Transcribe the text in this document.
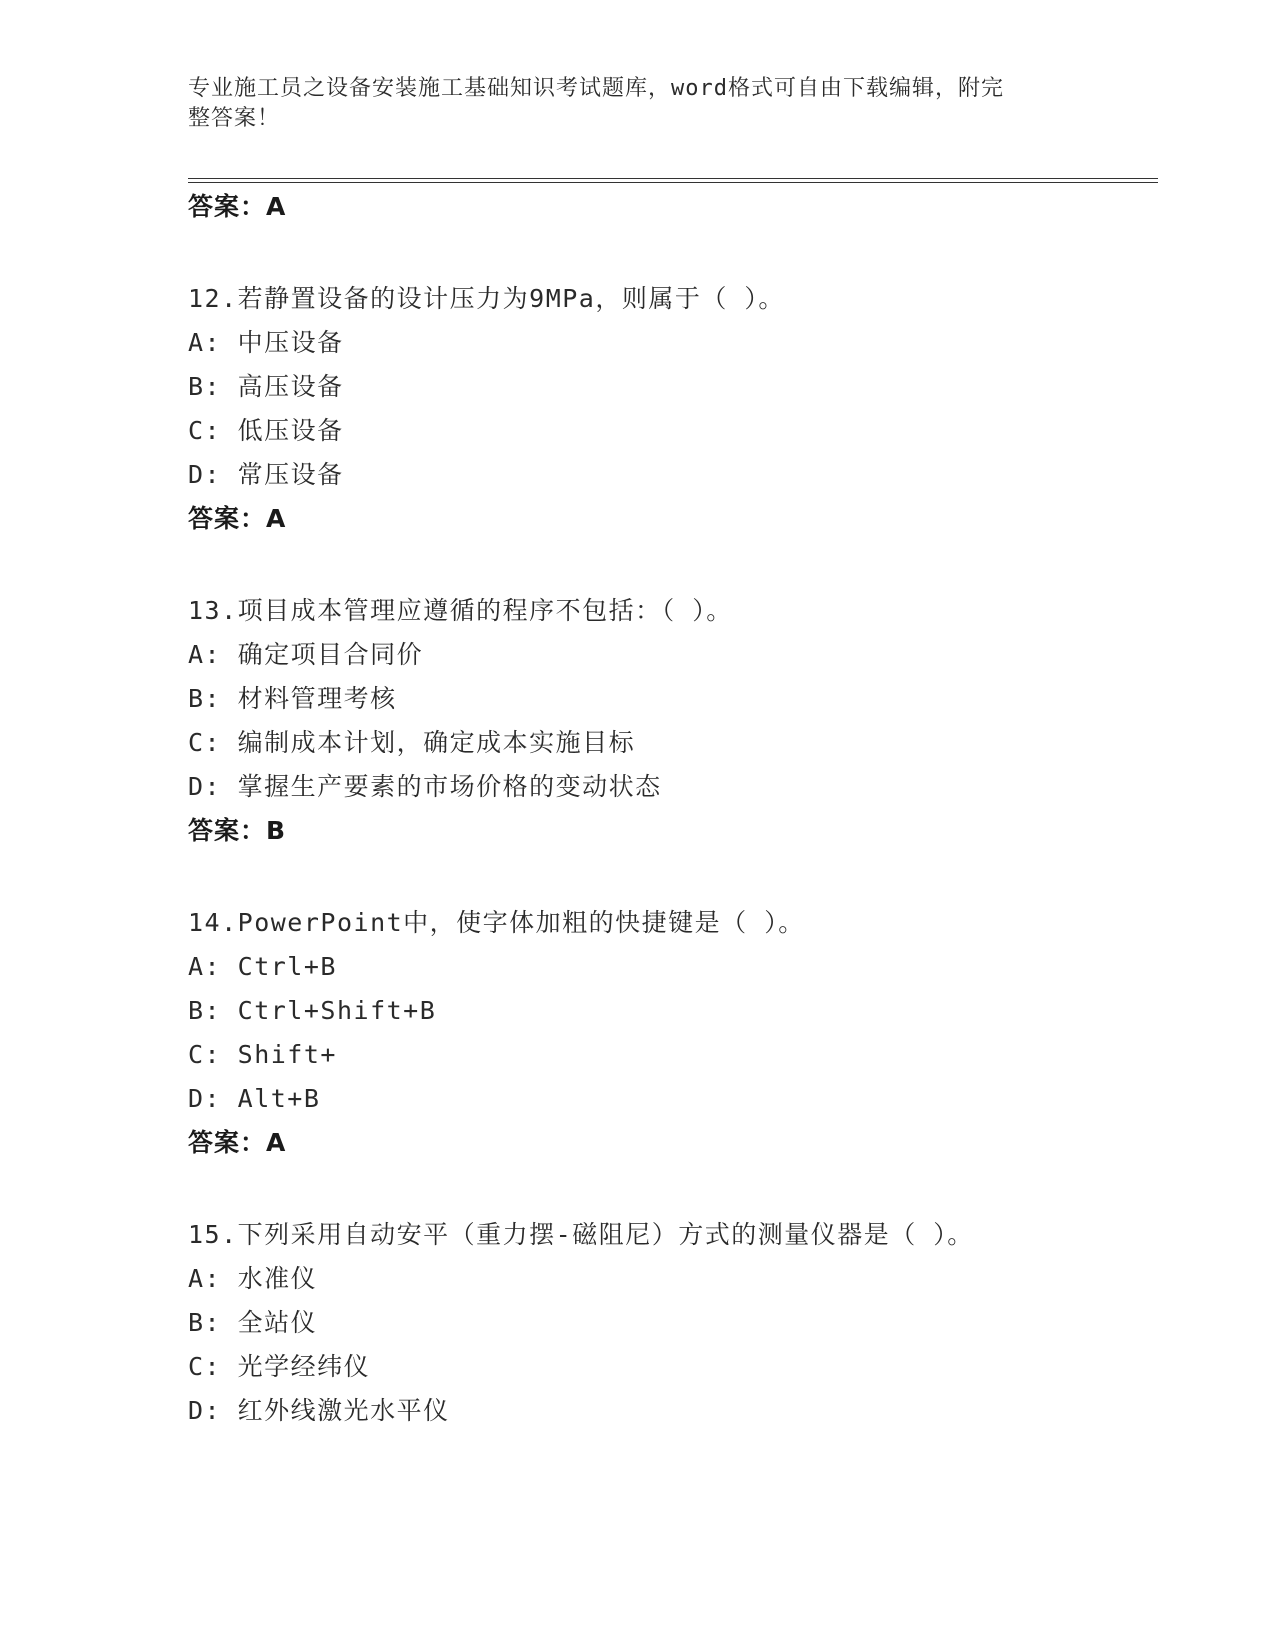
专业施工员之设备安装施工基础知识考试题库，word格式可自由下载编辑，附完
整答案！
答案：A
12.若静置设备的设计压力为9MPa，则属于（ ）。
A: 中压设备
B: 高压设备
C: 低压设备
D: 常压设备
答案：A
13.项目成本管理应遵循的程序不包括：（ ）。
A: 确定项目合同价
B: 材料管理考核
C: 编制成本计划，确定成本实施目标
D: 掌握生产要素的市场价格的变动状态
答案：B
14.PowerPoint中，使字体加粗的快捷键是（ ）。
A: Ctrl+B
B: Ctrl+Shift+B
C: Shift+
D: Alt+B
答案：A
15.下列采用自动安平（重力摆-磁阻尼）方式的测量仪器是（ ）。
A: 水准仪
B: 全站仪
C: 光学经纬仪
D: 红外线激光水平仪
